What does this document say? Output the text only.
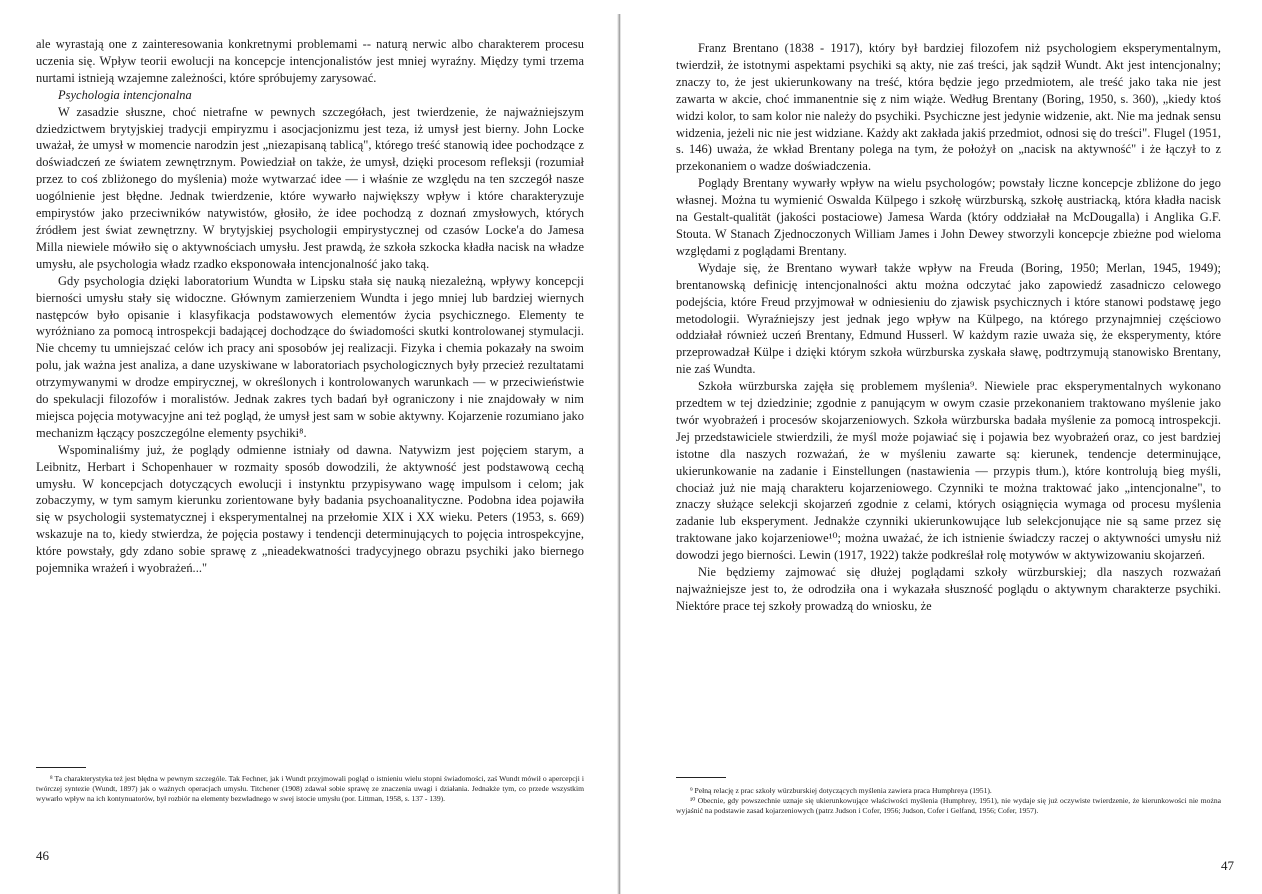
ale wyrastają one z zainteresowania konkretnymi problemami -- naturą nerwic albo charakterem procesu uczenia się. Wpływ teorii ewolucji na koncepcje intencjonalistów jest mniej wyraźny. Między tymi trzema nurtami istnieją wzajemne zależności, które spróbujemy zarysować.

Psychologia intencjonalna

W zasadzie słuszne, choć nietrafne w pewnych szczegółach, jest twierdzenie, że najważniejszym dziedzictwem brytyjskiej tradycji empiryzmu i asocjacjonizmu jest teza, iż umysł jest bierny. John Locke uważał, że umysł w momencie narodzin jest „niezapisaną tablicą", którego treść stanowią idee pochodzące z doświadczeń ze światem zewnętrznym. Powiedział on także, że umysł, dzięki procesom refleksji (rozumiał przez to coś zbliżonego do myślenia) może wytwarzać idee — i właśnie ze względu na ten szczegół nasze uogólnienie jest błędne. Jednak twierdzenie, które wywarło największy wpływ i które charakteryzuje empirystów jako przeciwników natywistów, głosiło, że idee pochodzą z doznań zmysłowych, których źródłem jest świat zewnętrzny. W brytyjskiej psychologii empirystycznej od czasów Locke'a do Jamesa Milla niewiele mówiło się o aktywnościach umysłu. Jest prawdą, że szkoła szkocka kładła nacisk na władze umysłu, ale psychologia władz rzadko eksponowała intencjonalność jako taką.

Gdy psychologia dzięki laboratorium Wundta w Lipsku stała się nauką niezależną, wpływy koncepcji bierności umysłu stały się widoczne. Głównym zamierzeniem Wundta i jego mniej lub bardziej wiernych następców było opisanie i klasyfikacja podstawowych elementów życia psychicznego. Elementy te wyróżniano za pomocą introspekcji badającej dochodzące do świadomości skutki kontrolowanej stymulacji. Nie chcemy tu umniejszać celów ich pracy ani sposobów jej realizacji. Fizyka i chemia pokazały na swoim polu, jak ważna jest analiza, a dane uzyskiwane w laboratoriach psychologicznych były przecież rezultatami otrzymywanymi w drodze empirycznej, w określonych i kontrolowanych warunkach — w przeciwieństwie do spekulacji filozofów i moralistów. Jednak zakres tych badań był ograniczony i nie znajdowały w nim miejsca pojęcia motywacyjne ani też pogląd, że umysł jest sam w sobie aktywny. Kojarzenie rozumiano jako mechanizm łączący poszczególne elementy psychiki⁸.

Wspominaliśmy już, że poglądy odmienne istniały od dawna. Natywizm jest pojęciem starym, a Leibnitz, Herbart i Schopenhauer w rozmaity sposób dowodzili, że aktywność jest podstawową cechą umysłu. W koncepcjach dotyczących ewolucji i instynktu przypisywano wagę impulsom i celom; jak zobaczymy, w tym samym kierunku zorientowane były badania psychoanalityczne. Podobna idea pojawiła się w psychologii systematycznej i eksperymentalnej na przełomie XIX i XX wieku. Peters (1953, s. 669) wskazuje na to, kiedy stwierdza, że pojęcia postawy i tendencji determinujących to pojęcia introspekcyjne, które powstały, gdy zdano sobie sprawę z „nieadekwatności tradycyjnego obrazu psychiki jako biernego pojemnika wrażeń i wyobrażeń..."

⁸ Ta charakterystyka też jest błędna w pewnym szczególe. Tak Fechner, jak i Wundt przyjmowali pogląd o istnieniu wielu stopni świadomości, zaś Wundt mówił o apercepcji i twórczej syntezie (Wundt, 1897) jak o ważnych operacjach umysłu. Titchener (1908) zdawał sobie sprawę ze znaczenia uwagi i działania. Jednakże tym, co przede wszystkim wywarło wpływ na ich kontynuatorów, był rozbiór na elementy bezwładnego w swej istocie umysłu (por. Littman, 1958, s. 137 - 139).

46

Franz Brentano (1838 - 1917), który był bardziej filozofem niż psychologiem eksperymentalnym, twierdził, że istotnymi aspektami psychiki są akty, nie zaś treści, jak sądził Wundt. Akt jest intencjonalny; znaczy to, że jest ukierunkowany na treść, która będzie jego przedmiotem, ale treść jako taka nie jest zawarta w akcie, choć immanentnie się z nim wiąże. Według Brentany (Boring, 1950, s. 360), „kiedy ktoś widzi kolor, to sam kolor nie należy do psychiki. Psychiczne jest jedynie widzenie, akt. Nie ma jednak sensu widzenia, jeżeli nic nie jest widziane. Każdy akt zakłada jakiś przedmiot, odnosi się do treści". Flugel (1951, s. 146) uważa, że wkład Brentany polega na tym, że położył on „nacisk na aktywność" i że łączył to z przekonaniem o wadze doświadczenia.

Poglądy Brentany wywarły wpływ na wielu psychologów; powstały liczne koncepcje zbliżone do jego własnej. Można tu wymienić Oswalda Külpego i szkołę würzburską, szkołę austriacką, która kładła nacisk na Gestalt-qualität (jakości postaciowe) Jamesa Warda (który oddziałał na McDougalla) i Anglika G.F. Stouta. W Stanach Zjednoczonych William James i John Dewey stworzyli koncepcje zbieżne pod wieloma względami z poglądami Brentany.

Wydaje się, że Brentano wywarł także wpływ na Freuda (Boring, 1950; Merlan, 1945, 1949); brentanowską definicję intencjonalności aktu można odczytać jako zapowiedź zasadniczo celowego podejścia, które Freud przyjmował w odniesieniu do zjawisk psychicznych i które stanowi podstawę jego metodologii. Wyraźniejszy jest jednak jego wpływ na Külpego, na którego przynajmniej częściowo oddziałał również uczeń Brentany, Edmund Husserl. W każdym razie uważa się, że eksperymenty, które przeprowadzał Külpe i dzięki którym szkoła würzburska zyskała sławę, podtrzymują stanowisko Brentany, nie zaś Wundta.

Szkoła würzburska zajęła się problemem myślenia⁹. Niewiele prac eksperymentalnych wykonano przedtem w tej dziedzinie; zgodnie z panującym w owym czasie przekonaniem traktowano myślenie jako twór wyobrażeń i procesów skojarzeniowych. Szkoła würzburska badała myślenie za pomocą introspekcji. Jej przedstawiciele stwierdzili, że myśl może pojawiać się i pojawia bez wyobrażeń oraz, co jest bardziej istotne dla naszych rozważań, że w myśleniu zawarte są: kierunek, tendencje determinujące, ukierunkowanie na zadanie i Einstellungen (nastawienia — przypis tłum.), które kontrolują bieg myśli, chociaż już nie mają charakteru kojarzeniowego. Czynniki te można traktować jako „intencjonalne", to znaczy służące selekcji skojarzeń zgodnie z celami, których osiągnięcia wymaga od procesu myślenia zadanie lub eksperyment. Jednakże czynniki ukierunkowujące lub selekcjonujące nie są same przez się traktowane jako kojarzeniowe¹⁰; można uważać, że ich istnienie świadczy raczej o aktywności umysłu niż dowodzi jego bierności. Lewin (1917, 1922) także podkreślał rolę motywów w aktywizowaniu skojarzeń.

Nie będziemy zajmować się dłużej poglądami szkoły würzburskiej; dla naszych rozważań najważniejsze jest to, że odrodziła ona i wykazała słuszność poglądu o aktywnym charakterze psychiki. Niektóre prace tej szkoły prowadzą do wniosku, że

⁹ Pełną relację z prac szkoły würzburskiej dotyczących myślenia zawiera praca Humphreya (1951).

¹⁰ Obecnie, gdy powszechnie uznaje się ukierunkowujące właściwości myślenia (Humphrey, 1951), nie wydaje się już oczywiste twierdzenie, że kierunkowości nie można wyjaśnić na podstawie zasad kojarzeniowych (patrz Judson i Cofer, 1956; Judson, Cofer i Gelfand, 1956; Cofer, 1957).

47
